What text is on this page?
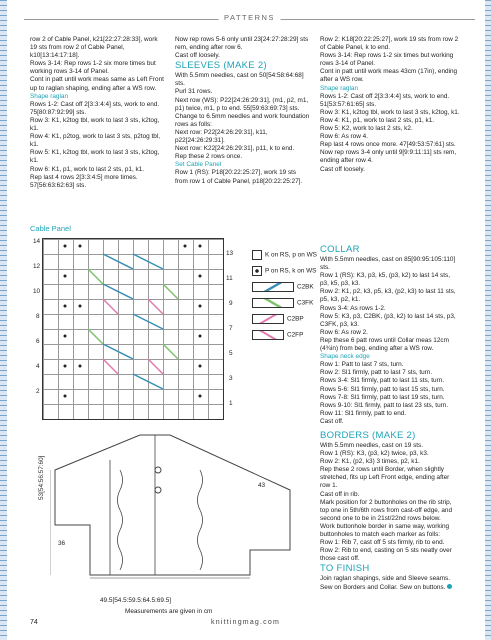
PATTERNS

row 2 of Cable Panel, k21[22:27:28:33], work 19 sts from row 2 of Cable Panel, k10[13:14:17:18].

Rows 3-14: Rep rows 1-2 six more times but working rows 3-14 of Panel.

Cont in patt until work meas same as Left Front up to raglan shaping, ending after a WS row.

Shape raglan

Rows 1-2: Cast off 2[3:3:4:4] sts, work to end. 75[80:87:92:99] sts.

Row 3: K1, k2tog tbl, work to last 3 sts, k2tog, k1.

Row 4: K1, p2tog, work to last 3 sts, p2tog tbl, k1.

Row 5: K1, k2tog tbl, work to last 3 sts, k2tog, k1.

Row 6: K1, p1, work to last 2 sts, p1, k1.

Rep last 4 rows 2[3:3:4:5] more times. 57[56:63:62:63] sts.

Now rep rows 5-6 only until 23[24:27:28:29] sts rem, ending after row 6.

Cast off loosely.

SLEEVES (MAKE 2)

With 5.5mm needles, cast on 50[54:58:64:68] sts.

Purl 31 rows.

Next row (WS): P22[24:26:29:31], (m1, p2, m1, p1) twice, m1, p to end. 55[59:63:69:73] sts.

Change to 6.5mm needles and work foundation rows as folls:

Next row: P22[24:26:29:31], k11, p22[24:26:29:31].

Next row: K22[24:26:29:31], p11, k to end.

Rep these 2 rows once.

Set Cable Panel

Row 1 (RS): P18[20:22:25:27], work 19 sts from row 1 of Cable Panel, p18[20:22:25:27].

Row 2: K18[20:22:25:27], work 19 sts from row 2 of Cable Panel, k to end.

Rows 3-14: Rep rows 1-2 six times but working rows 3-14 of Panel.

Cont in patt until work meas 43cm (17in), ending after a WS row.

Shape raglan

Rows 1-2: Cast off 2[3:3:4:4] sts, work to end. 51[53:57:61:65] sts.

Row 3: K1, k2tog tbl, work to last 3 sts, k2tog, k1.

Row 4: K1, p1, work to last 2 sts, p1, k1.

Row 5: K2, work to last 2 sts, k2.

Row 6: As row 4.

Rep last 4 rows once more. 47[49:53:57:61] sts.

Now rep rows 3-4 only until 9[9:9:11:11] sts rem, ending after row 4.

Cast off loosely.

COLLAR

With 5.5mm needles, cast on 85[90:95:105:110] sts.

Row 1 (RS): K3, p3, k5, (p3, k2) to last 14 sts, p3, k5, p3, k3.

Row 2: K1, p2, k3, p5, k3, (p2, k3) to last 11 sts, p5, k3, p2, k1.

Rows 3-4: As rows 1-2.

Row 5: K3, p3, C2BK, (p3, k2) to last 14 sts, p3, C3FK, p3, k3.

Row 6: As row 2.

Rep these 6 patt rows until Collar meas 12cm (4¾in) from beg, ending after a WS row.

Shape neck edge

Row 1: Patt to last 7 sts, turn.

Row 2: Sl1 firmly, patt to last 7 sts, turn.

Rows 3-4: Sl1 firmly, patt to last 11 sts, turn.

Rows 5-6: Sl1 firmly, patt to last 15 sts, turn.

Rows 7-8: Sl1 firmly, patt to last 19 sts, turn.

Rows 9-10: Sl1 firmly, patt to last 23 sts, turn.

Row 11: Sl1 firmly, patt to end.

Cast off.

BORDERS (MAKE 2)

With 5.5mm needles, cast on 19 sts.

Row 1 (RS): K3, (p3, k2) twice, p3, k3.

Row 2: K1, (p2, k3) 3 times, p2, k1.

Rep these 2 rows until Border, when slightly stretched, fits up Left Front edge, ending after row 1.

Cast off in rib.

Mark position for 2 buttonholes on the rib strip, top one in 5th/6th rows from cast-off edge, and second one to be in 21st/22nd rows below.

Work buttonhole border in same way, working buttonholes to match each marker as folls:

Row 1: Rib 7, cast off 5 sts firmly, rib to end.

Row 2: Rib to end, casting on 5 sts neatly over those cast off.

TO FINISH

Join raglan shapings, side and Sleeve seams. Sew on Borders and Collar. Sew on buttons.

Cable Panel
14
12
10
8
6
4
2
13
11
9
7
5
3
1
K on RS, p on WS
P on RS, k on WS
C2BK
C3FK
C2BP
C2FP
53[54:56:57:60]	43
49.5[54.5:59.5:64.5:69.5]
36
Measurements are given in cm
74	knittingmag.com
